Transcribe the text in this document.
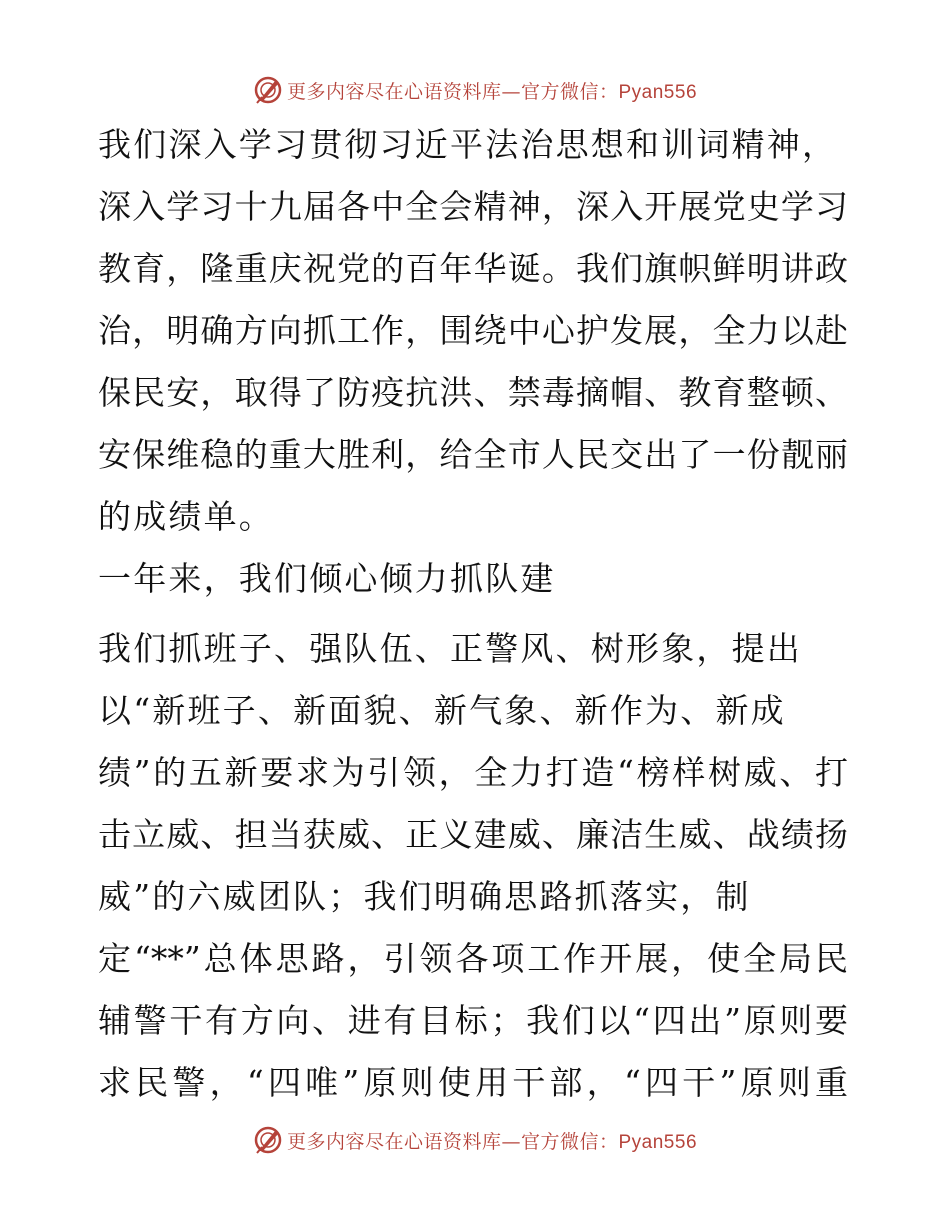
更多内容尽在心语资料库—官方微信：Pyan556
我们深入学习贯彻习近平法治思想和训词精神，
深入学习十九届各中全会精神，深入开展党史学习
教育，隆重庆祝党的百年华诞。我们旗帜鲜明讲政
治，明确方向抓工作，围绕中心护发展，全力以赴
保民安，取得了防疫抗洪、禁毒摘帽、教育整顿、
安保维稳的重大胜利，给全市人民交出了一份靓丽
的成绩单。
一年来，我们倾心倾力抓队建
我们抓班子、强队伍、正警风、树形象，提出
以“新班子、新面貌、新气象、新作为、新成
绩”的五新要求为引领，全力打造“榜样树威、打
击立威、担当获威、正义建威、廉洁生威、战绩扬
威”的六威团队；我们明确思路抓落实，制
定“**”总体思路，引领各项工作开展，使全局民
辅警干有方向、进有目标；我们以“四出”原则要
求民警，“四唯”原则使用干部，“四干”原则重
更多内容尽在心语资料库—官方微信：Pyan556
